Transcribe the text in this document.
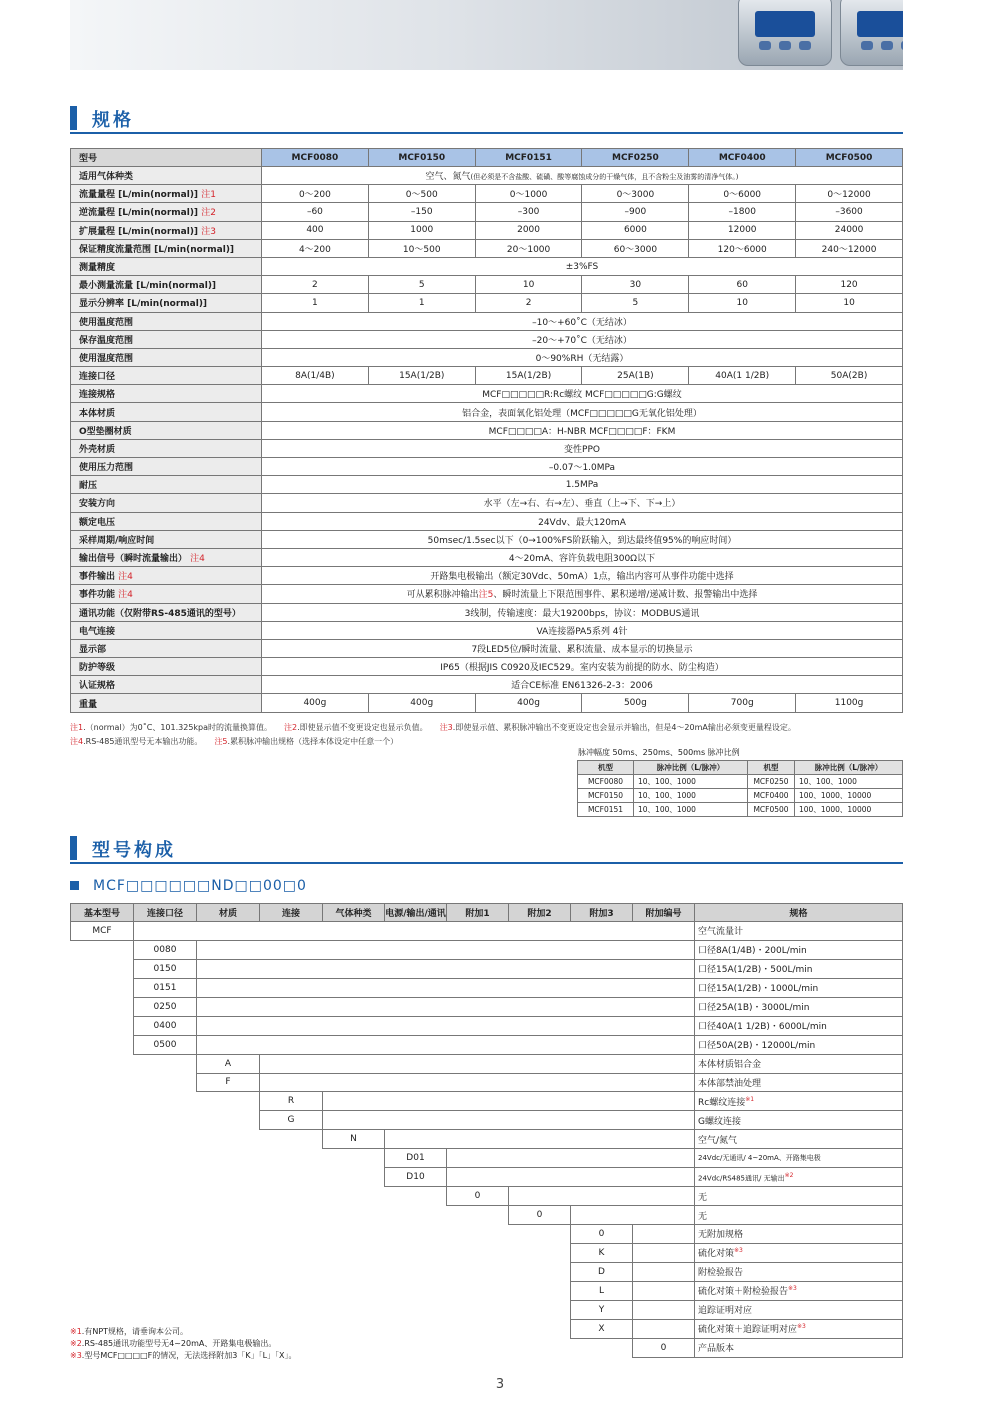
规格
型号	MCF0080	MCF0150	MCF0151	MCF0250	MCF0400	MCF0500
适用气体种类	空气、氮气(但必须是不含盐酸、硫磺、酸等腐蚀成分的干燥气体，且不含粉尘及油雾的清净气体。)					
流量量程 [L/min(normal)] 注1	0～200	0～500	0～1000	0～3000	0～6000	0～12000
逆流量程 [L/min(normal)] 注2	–60	–150	–300	–900	–1800	–3600
扩展量程 [L/min(normal)] 注3	400	1000	2000	6000	12000	24000
保证精度流量范围 [L/min(normal)]	4～200	10～500	20～1000	60～3000	120～6000	240～12000
测量精度	±3%FS					
最小测量流量 [L/min(normal)]	2	5	10	30	60	120
显示分辨率 [L/min(normal)]	1	1	2	5	10	10
使用温度范围	–10～+60˚C（无结冰）					
保存温度范围	–20～+70˚C（无结冰）					
使用湿度范围	0～90%RH（无结露）					
连接口径	8A(1/4B)	15A(1/2B)	15A(1/2B)	25A(1B)	40A(1 1/2B)	50A(2B)
连接规格	MCF□□□□□R:Rc螺纹 MCF□□□□□G:G螺纹					
本体材质	铝合金，表面氧化铝处理（MCF□□□□□G无氧化铝处理）					
O型垫圈材质	MCF□□□□A：H-NBR MCF□□□□F：FKM					
外壳材质	变性PPO					
使用压力范围	–0.07～1.0MPa					
耐压	1.5MPa					
安装方向	水平（左→右、右→左）、垂直（上→下、下→上）					
额定电压	24Vdv、最大120mA					
采样周期/响应时间	50msec/1.5sec以下（0→100%FS阶跃输入，到达最终值95%的响应时间）					
输出信号（瞬时流量输出） 注4	4～20mA、容许负载电阻300Ω以下					
事件输出 注4	开路集电极输出（额定30Vdc、50mA）1点，输出内容可从事件功能中选择					
事件功能 注4	可从累积脉冲输出注5、瞬时流量上下限范围事件、累积递增/递减计数、报警输出中选择					
通讯功能（仅附带RS-485通讯的型号）	3线制，传输速度：最大19200bps，协议：MODBUS通讯					
电气连接	VA连接器PA5系列 4针					
显示部	7段LED5位/瞬时流量、累积流量、成本显示的切换显示					
防护等级	IP65（根据JIS C0920及IEC529。室内安装为前提的防水、防尘构造）					
认证规格	适合CE标准 EN61326-2-3：2006					
重量	400g	400g	400g	500g	700g	1100g
注1.（normal）为0˚C、101.325kpa时的流量换算值。 注2.即使显示值不变更设定也显示负值。 注3.即使显示值、累积脉冲输出不变更设定也会显示并输出，但是4～20mA输出必须变更量程设定。
注4.RS-485通讯型号无本输出功能。 注5.累积脉冲输出规格（选择本体设定中任意一个）
脉冲幅度 50ms、250ms、500ms 脉冲比例
机型	脉冲比例（L/脉冲）	机型	脉冲比例（L/脉冲）
MCF0080	10、100、1000	MCF0250	10、100、1000
MCF0150	10、100、1000	MCF0400	100、1000、10000
MCF0151	10、100、1000	MCF0500	100、1000、10000
型号构成
MCF□□□□□□ND□□00□0
基本型号	连接口径	材质	连接	气体种类	电源/输出/通讯	附加1	附加2	附加3	附加编号	规格
MCF										空气流量计
	0080									口径8A(1/4B)・200L/min
	0150									口径15A(1/2B)・500L/min
	0151									口径15A(1/2B)・1000L/min
	0250									口径25A(1B)・3000L/min
	0400									口径40A(1 1/2B)・6000L/min
	0500									口径50A(2B)・12000L/min
		A								本体材质铝合金
		F								本体部禁油处理
			R							Rc螺纹连接$^{※1}$
			G							G螺纹连接
				N						空气/氮气
					D01					24Vdc/无通讯/ 4~20mA、开路集电极
					D10					24Vdc/RS485通讯/ 无输出$^{※2}$
						0				无
							0			无
								0		无附加规格
								K		硫化对策$^{※3}$
								D		附检验报告
								L		硫化对策＋附检验报告$^{※3}$
								Y		追踪证明对应
								X		硫化对策＋追踪证明对应$^{※3}$
									0	产品版本
※1.有NPT规格，请垂询本公司。
※2.RS-485通讯功能型号无4~20mA、开路集电极输出。
※3.型号MCF□□□□F的情况，无法选择附加3「K」「L」「X」。
3
